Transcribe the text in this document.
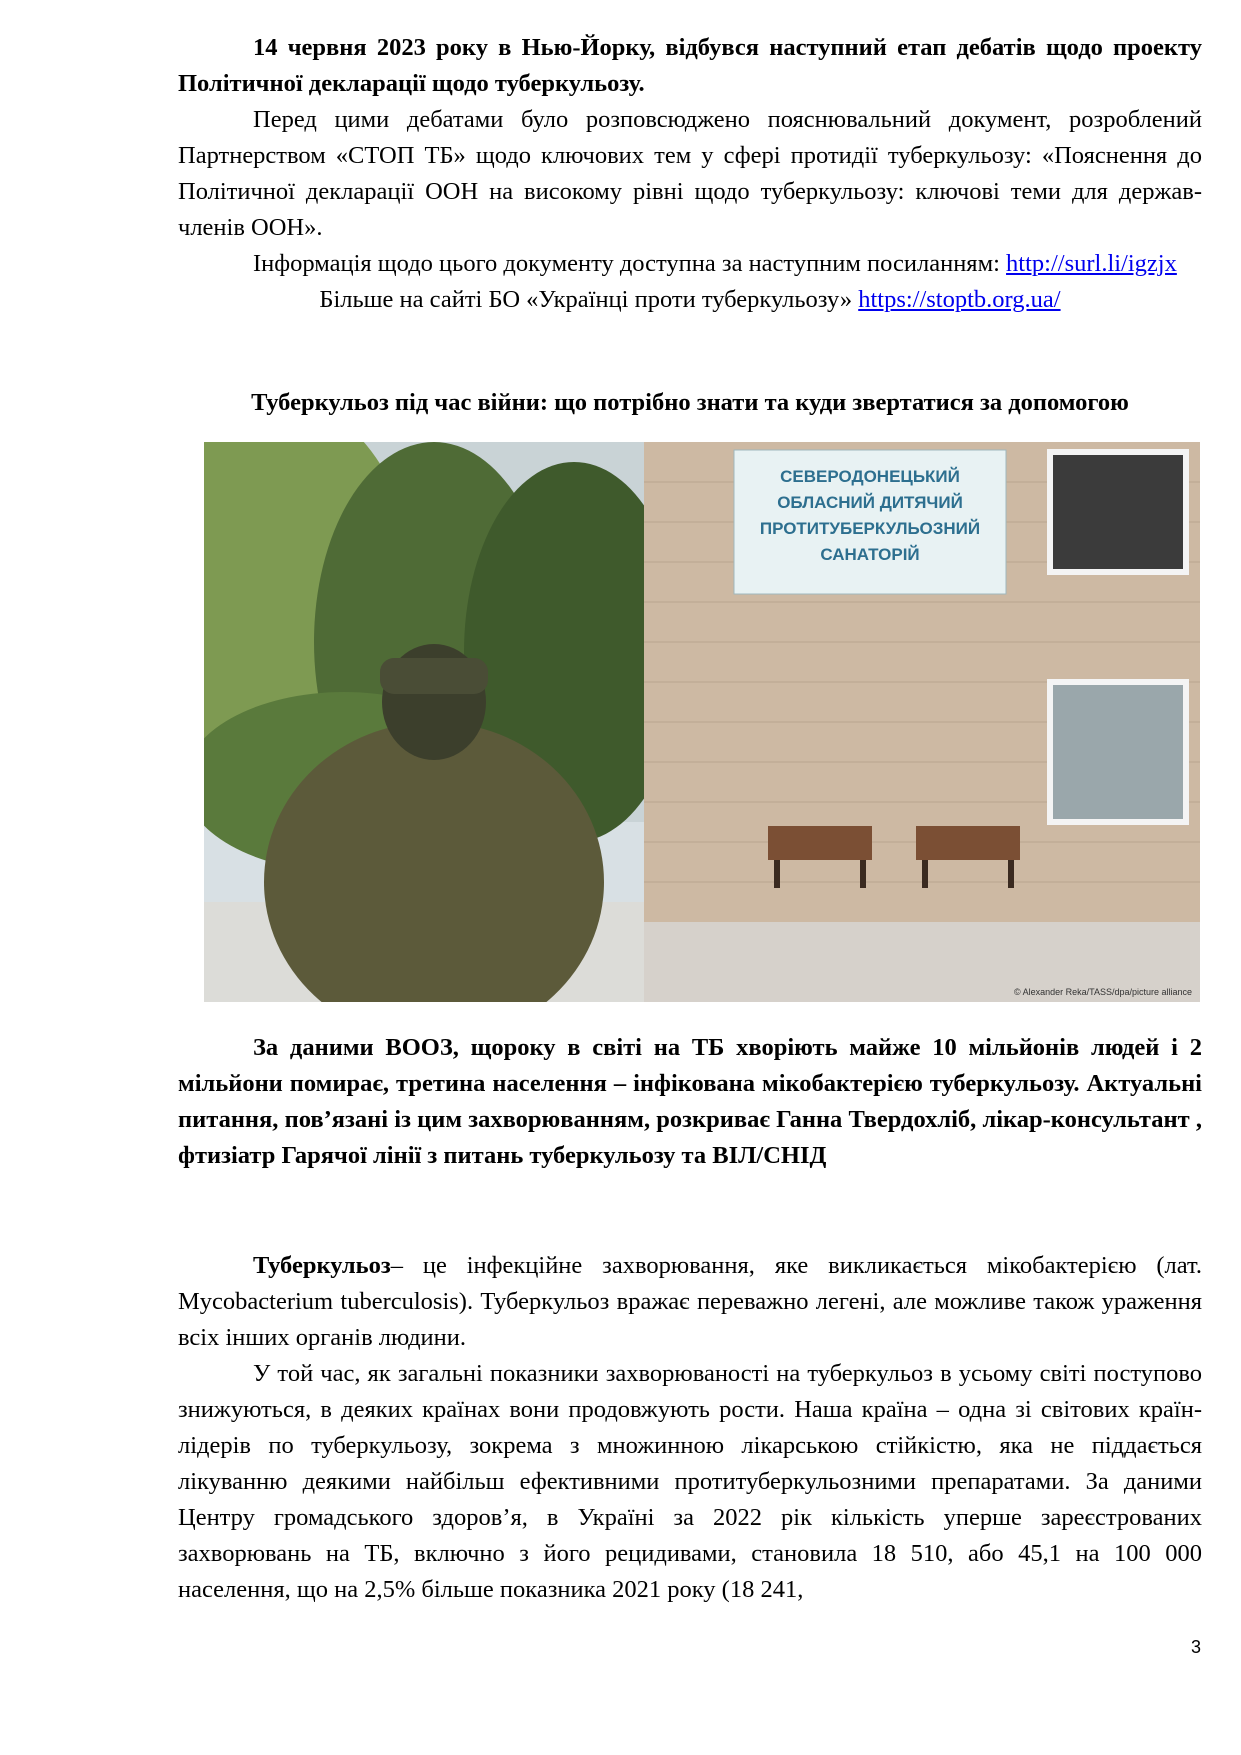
14 червня 2023 року в Нью-Йорку, відбувся наступний етап дебатів щодо проекту Політичної декларації щодо туберкульозу.

Перед цими дебатами було розповсюджено пояснювальний документ, розроблений Партнерством «СТОП ТБ» щодо ключових тем у сфері протидії туберкульозу: «Пояснення до Політичної декларації ООН на високому рівні щодо туберкульозу: ключові теми для держав-членів ООН».

Інформація щодо цього документу доступна за наступним посиланням: http://surl.li/igzjx

Більше на сайті БО «Українці проти туберкульозу» https://stoptb.org.ua/

Туберкульоз під час війни: що потрібно знати та куди звертатися за допомогою

СЕВЕРОДОНЕЦЬКИЙ
ОБЛАСНИЙ ДИТЯЧИЙ
ПРОТИТУБЕРКУЛЬОЗНИЙ
САНАТОРІЙ
© Alexander Reka/TASS/dpa/picture alliance

За даними ВООЗ, щороку в світі на ТБ хворіють майже 10 мільйонів людей і 2 мільйони помирає, третина населення – інфікована мікобактерією туберкульозу. Актуальні питання, пов’язані із цим захворюванням, розкриває Ганна Твердохліб, лікар-консультант , фтизіатр Гарячої лінії з питань туберкульозу та ВІЛ/СНІД

Туберкульоз– це інфекційне захворювання, яке викликається мікобактерією (лат. Mycobacterium tuberculosis). Туберкульоз вражає переважно легені, але можливе також ураження всіх інших органів людини.

У той час, як загальні показники захворюваності на туберкульоз в усьому світі поступово знижуються, в деяких країнах вони продовжують рости. Наша країна – одна зі світових країн-лідерів по туберкульозу, зокрема з множинною лікарською стійкістю, яка не піддається лікуванню деякими найбільш ефективними протитуберкульозними препаратами. За даними Центру громадського здоров’я, в Україні за 2022 рік кількість уперше зареєстрованих захворювань на ТБ, включно з його рецидивами, становила 18 510, або 45,1 на 100 000 населення, що на 2,5% більше показника 2021 року (18 241,

3
